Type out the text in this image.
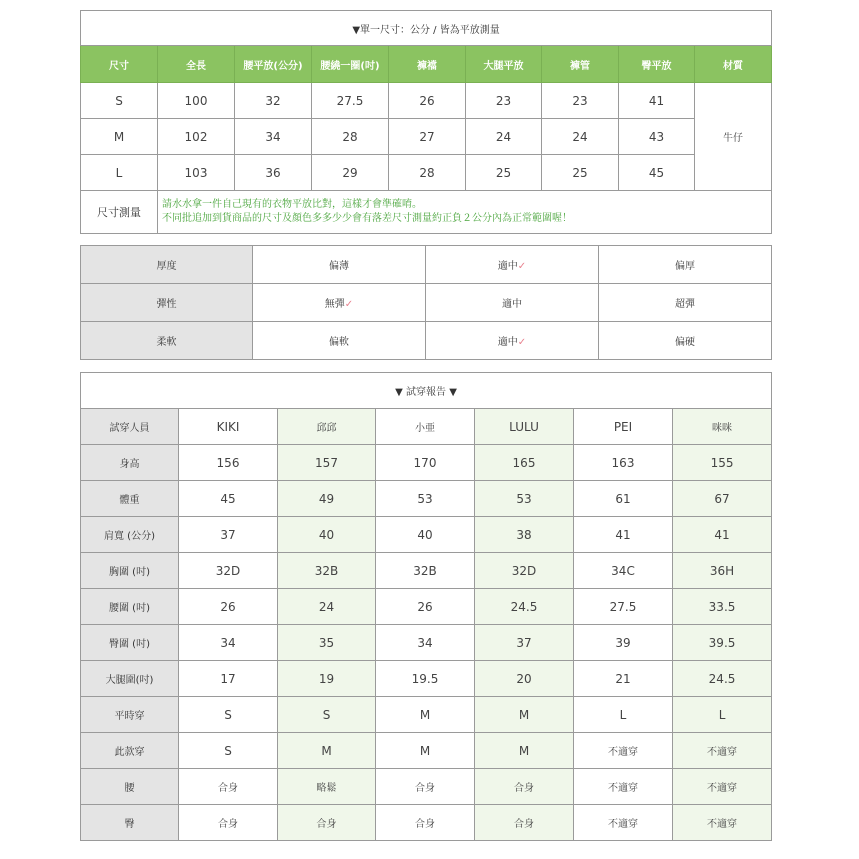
▼單一尺寸：公分 / 皆為平放測量								
尺寸	全長	腰平放(公分)	腰繞一圈(吋)	褲襠	大腿平放	褲管	臀平放	材質
S	100	32	27.5	26	23	23	41	牛仔
M	102	34	28	27	24	24	43	
L	103	36	29	28	25	25	45	
尺寸測量	請水水拿一件自己現有的衣物平放比對，這樣才會準確唷。
不同批追加到貨商品的尺寸及顏色多多少少會有落差尺寸測量約正負２公分內為正常範圍喔！							
厚度	偏薄	適中✓	偏厚
彈性	無彈✓	適中	超彈
柔軟	偏軟	適中✓	偏硬
▼ 試穿報告 ▼						
試穿人員	KIKI	邱邱	小亜	LULU	PEI	咪咪
身高	156	157	170	165	163	155
體重	45	49	53	53	61	67
肩寬 (公分)	37	40	40	38	41	41
胸圍 (吋)	32D	32B	32B	32D	34C	36H
腰圍 (吋)	26	24	26	24.5	27.5	33.5
臀圍 (吋)	34	35	34	37	39	39.5
大腿圍(吋)	17	19	19.5	20	21	24.5
平時穿	S	S	M	M	L	L
此款穿	S	M	M	M	不適穿	不適穿
腰	合身	略鬆	合身	合身	不適穿	不適穿
臀	合身	合身	合身	合身	不適穿	不適穿
